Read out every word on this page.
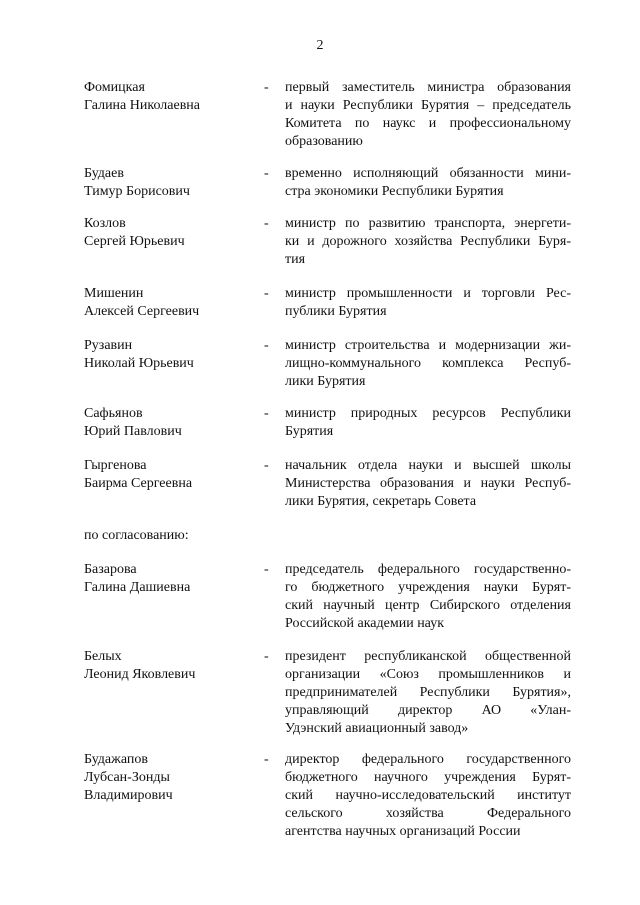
2
Фомицкая
Галина Николаевна
- первый заместитель министра образования
и науки Республики Бурятия – председатель
Комитета по наукс и профессиональному
образованию
Будаев
Тимур Борисович
- временно исполняющий обязанности мини-
стра экономики Республики Бурятия
Козлов
Сергей Юрьевич
- министр по развитию транспорта, энергети-
ки и дорожного хозяйства Республики Буря-
тия
Мишенин
Алексей Сергеевич
- министр промышленности и торговли Рес-
публики Бурятия
Рузавин
Николай Юрьевич
- министр строительства и модернизации жи-
лищно-коммунального комплекса Респуб-
лики Бурятия
Сафьянов
Юрий Павлович
- министр природных ресурсов Республики
Бурятия
Гыргенова
Баирма Сергеевна
- начальник отдела науки и высшей школы
Министерства образования и науки Респуб-
лики Бурятия, секретарь Совета
по согласованию:
Базарова
Галина Дашиевна
- председатель федерального государственно-
го бюджетного учреждения науки Бурят-
ский научный центр Сибирского отделения
Российской академии наук
Белых
Леонид Яковлевич
- президент республиканской общественной
организации «Союз промышленников и
предпринимателей Республики Бурятия»,
управляющий директор АО «Улан-
Удэнский авиационный завод»
Будажапов
Лубсан-Зонды
Владимирович
- директор федерального государственного
бюджетного научного учреждения Бурят-
ский научно-исследовательский институт
сельского хозяйства Федерального
агентства научных организаций России
